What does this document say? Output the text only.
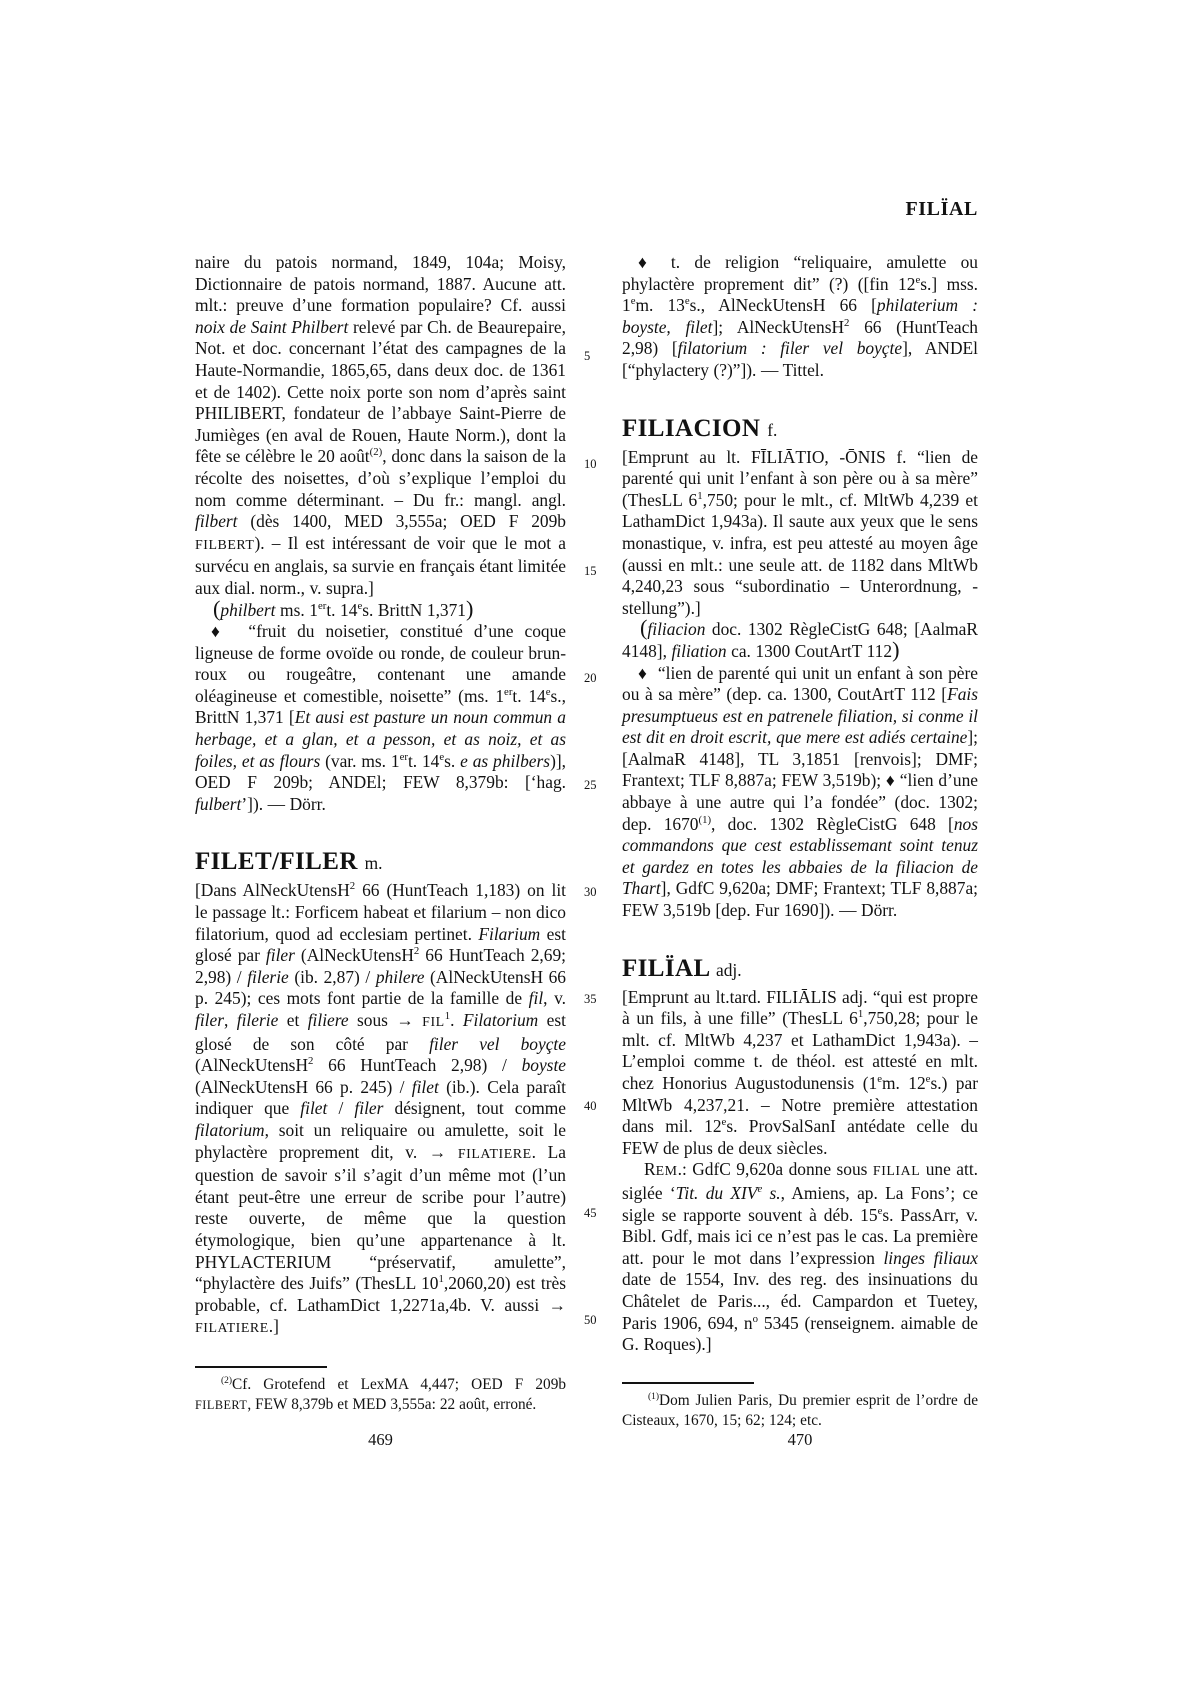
FILÏAL
5
10
15
20
25
30
35
40
45
50

naire du patois normand, 1849, 104a; Moisy, Dictionnaire de patois normand, 1887. Aucune att. mlt.: preuve d’une formation populaire? Cf. aussi noix de Saint Philbert relevé par Ch. de Beaurepaire, Not. et doc. concernant l’état des campagnes de la Haute-Normandie, 1865,65, dans deux doc. de 1361 et de 1402). Cette noix porte son nom d’après saint PHILIBERT, fondateur de l’abbaye Saint-Pierre de Jumièges (en aval de Rouen, Haute Norm.), dont la fête se célèbre le 20 août$^{(2)}$, donc dans la saison de la récolte des noisettes, d’où s’explique l’emploi du nom comme déterminant. – Du fr.: mangl. angl. filbert (dès 1400, MED 3,555a; OED F 209b FILBERT). – Il est intéressant de voir que le mot a survécu en anglais, sa survie en français étant limitée aux dial. norm., v. supra.]

(philbert ms. 1ert. 14es. BrittN 1,371)

♦  “fruit du noisetier, constitué d’une coque ligneuse de forme ovoïde ou ronde, de couleur brun-roux ou rougeâtre, contenant une amande oléagineuse et comestible, noisette” (ms. 1ert. 14es., BrittN 1,371 [Et ausi est pasture un noun commun a herbage, et a glan, et a pesson, et as noiz, et as foiles, et as flours (var. ms. 1ert. 14es. e as philbers)], OED F 209b; ANDEl; FEW 8,379b: [‘hag. fulbert’]). — Dörr.

FILET/FILER m.

[Dans AlNeckUtensH$^2$ 66 (HuntTeach 1,183) on lit le passage lt.: Forficem habeat et filarium – non dico filatorium, quod ad ecclesiam pertinet. Filarium est glosé par filer (AlNeckUtensH$^2$ 66 HuntTeach 2,69; 2,98) / filerie (ib. 2,87) / philere (AlNeckUtensH 66 p. 245); ces mots font partie de la famille de fil, v. filer, filerie et filiere sous → $FIL^1$. Filatorium est glosé de son côté par filer vel boyçte (AlNeckUtensH$^2$ 66 HuntTeach 2,98) / boyste (AlNeckUtensH 66 p. 245) / filet (ib.). Cela paraît indiquer que filet / filer désignent, tout comme filatorium, soit un reliquaire ou amulette, soit le phylactère proprement dit, v. → FILATIERE. La question de savoir s’il s’agit d’un même mot (l’un étant peut-être une erreur de scribe pour l’autre) reste ouverte, de même que la question étymologique, bien qu’une appartenance à lt. PHYLACTERIUM “préservatif, amulette”, “phylactère des Juifs” (ThesLL $10^1,2060,20$) est très probable, cf. LathamDict 1,2271a,4b. V. aussi → FILATIERE.]

$^{(2)}$Cf. Grotefend et LexMA 4,447; OED F 209b FILBERT, FEW 8,379b et MED 3,555a: 22 août, erroné.

♦ t. de religion “reliquaire, amulette ou phylactère proprement dit” (?) ([fin 12es.] mss. 1em. 13es., AlNeckUtensH 66 [philaterium : boyste, filet]; AlNeckUtensH$^2$ 66 (HuntTeach 2,98) [filatorium : filer vel boyçte], ANDEl [“phylactery (?)”]). — Tittel.

FILIACION f.

[Emprunt au lt. FĪLIĀTIO, -ŌNIS f. “lien de parenté qui unit l’enfant à son père ou à sa mère” (ThesLL $6^1,750$; pour le mlt., cf. MltWb 4,239 et LathamDict 1,943a). Il saute aux yeux que le sens monastique, v. infra, est peu attesté au moyen âge (aussi en mlt.: une seule att. de 1182 dans MltWb 4,240,23 sous “subordinatio – Unterordnung, -stellung”).]

(filiacion doc. 1302 RègleCistG 648; [AalmaR 4148], filiation ca. 1300 CoutArtT 112)

♦  “lien de parenté qui unit un enfant à son père ou à sa mère” (dep. ca. 1300, CoutArtT 112 [Fais presumptueus est en patrenele filiation, si conme il est dit en droit escrit, que mere est adiés certaine]; [AalmaR 4148], TL 3,1851 [renvois]; DMF; Frantext; TLF 8,887a; FEW 3,519b); ♦ “lien d’une abbaye à une autre qui l’a fondée” (doc. 1302; dep. 1670$^{(1)}$, doc. 1302 RègleCistG 648 [nos commandons que cest establissemant soint tenuz et gardez en totes les abbaies de la filiacion de Thart], GdfC 9,620a; DMF; Frantext; TLF 8,887a; FEW 3,519b [dep. Fur 1690]). — Dörr.

FILÏAL adj.

[Emprunt au lt.tard. FILIĀLIS adj. “qui est propre à un fils, à une fille” (ThesLL $6^1,750,28$; pour le mlt. cf. MltWb 4,237 et LathamDict 1,943a). – L’emploi comme t. de théol. est attesté en mlt. chez Honorius Augustodunensis (1em. 12es.) par MltWb 4,237,21. – Notre première attestation dans mil. 12es. ProvSalSanI antédate celle du FEW de plus de deux siècles.

REM.: GdfC 9,620a donne sous FILIAL une att. siglée ‘Tit. du XIVe s., Amiens, ap. La Fons’; ce sigle se rapporte souvent à déb. 15es. PassArr, v. Bibl. Gdf, mais ici ce n’est pas le cas. La première att. pour le mot dans l’expression linges filiaux date de 1554, Inv. des reg. des insinuations du Châtelet de Paris..., éd. Campardon et Tuetey, Paris 1906, 694, $n^o$ 5345 (renseignem. aimable de G. Roques).]

$^{(1)}$Dom Julien Paris, Du premier esprit de l’ordre de Cisteaux, 1670, 15; 62; 124; etc.

469	470
